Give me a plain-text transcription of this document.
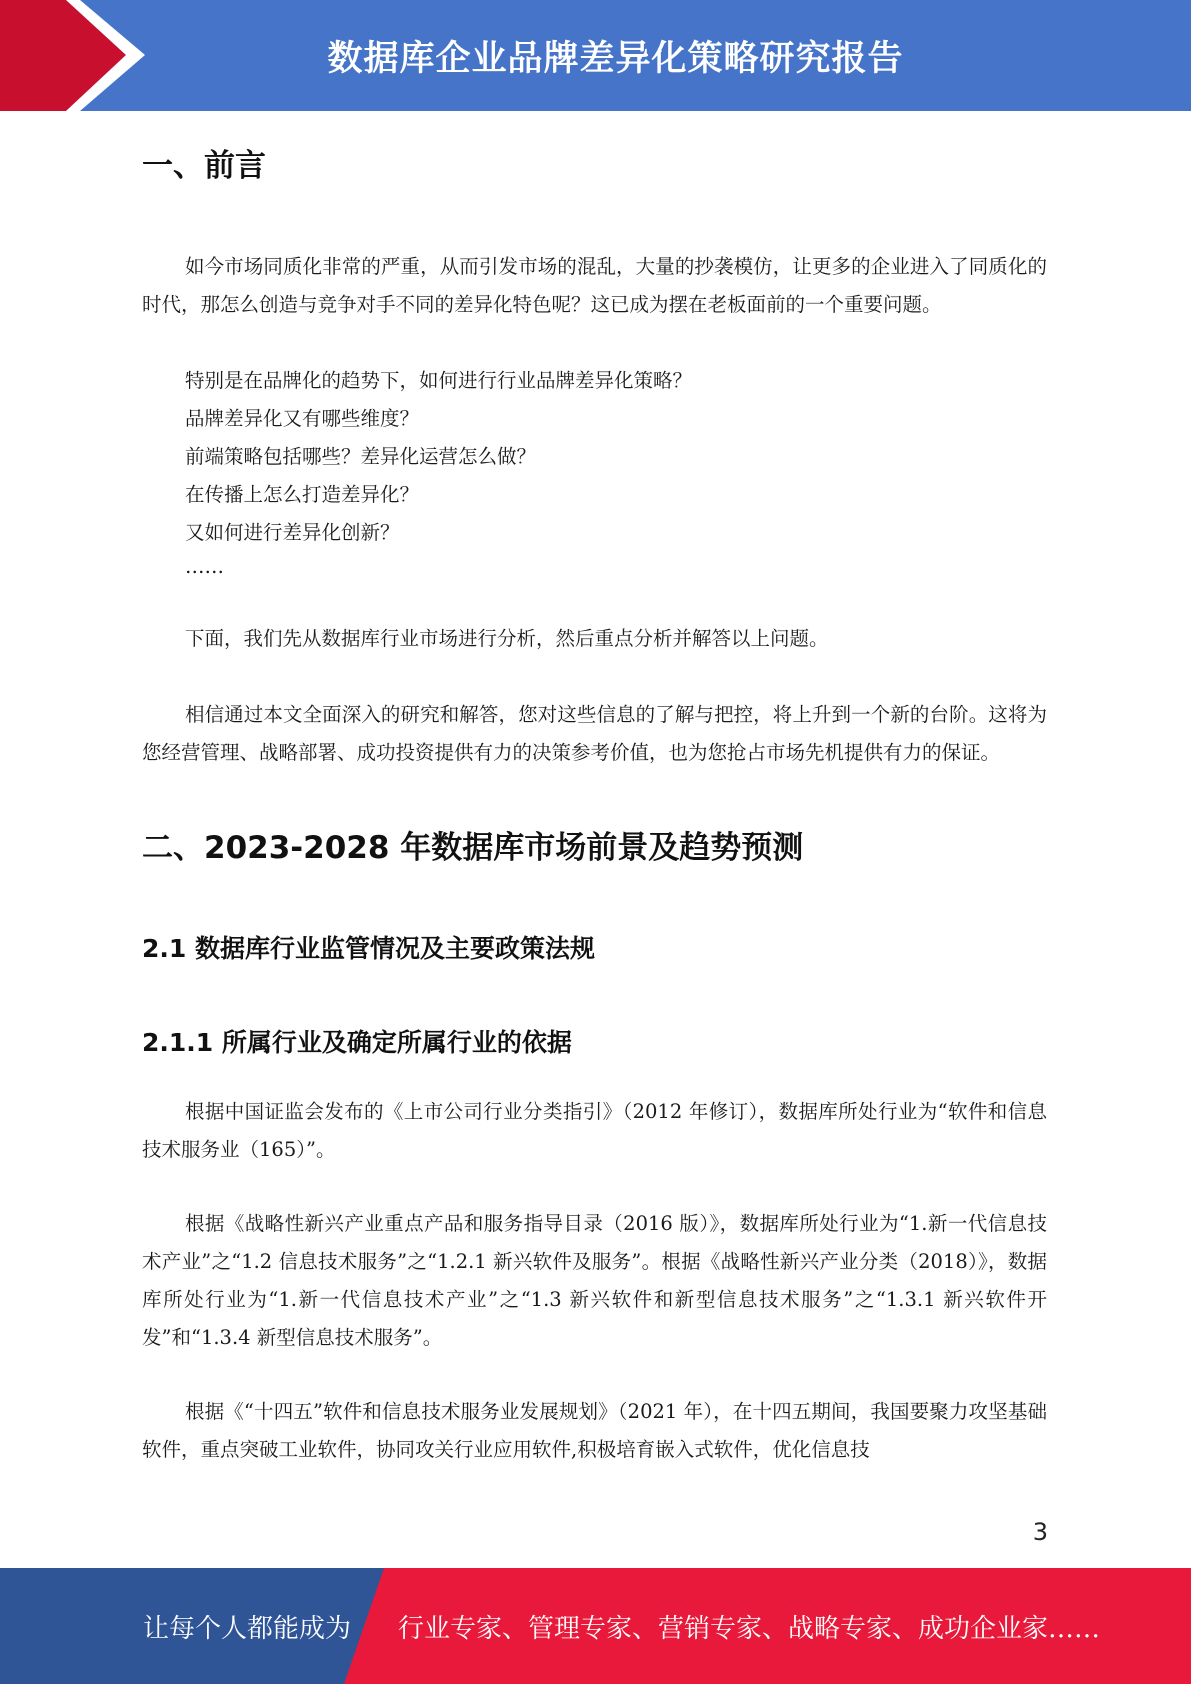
数据库企业品牌差异化策略研究报告
一、前言

如今市场同质化非常的严重，从而引发市场的混乱，大量的抄袭模仿，让更多的企业进入了同质化的时代，那怎么创造与竞争对手不同的差异化特色呢？这已成为摆在老板面前的一个重要问题。

特别是在品牌化的趋势下，如何进行行业品牌差异化策略？
品牌差异化又有哪些维度？
前端策略包括哪些？差异化运营怎么做？
在传播上怎么打造差异化？
又如何进行差异化创新？
……

下面，我们先从数据库行业市场进行分析，然后重点分析并解答以上问题。

相信通过本文全面深入的研究和解答，您对这些信息的了解与把控，将上升到一个新的台阶。这将为您经营管理、战略部署、成功投资提供有力的决策参考价值，也为您抢占市场先机提供有力的保证。

二、2023-2028 年数据库市场前景及趋势预测
2.1 数据库行业监管情况及主要政策法规
2.1.1 所属行业及确定所属行业的依据

根据中国证监会发布的《上市公司行业分类指引》（2012 年修订），数据库所处行业为“软件和信息技术服务业（165）”。

根据《战略性新兴产业重点产品和服务指导目录（2016 版）》，数据库所处行业为“1.新一代信息技术产业”之“1.2 信息技术服务”之“1.2.1 新兴软件及服务”。根据《战略性新兴产业分类（2018）》，数据库所处行业为“1.新一代信息技术产业”之“1.3 新兴软件和新型信息技术服务”之“1.3.1 新兴软件开发”和“1.3.4 新型信息技术服务”。

根据《“十四五”软件和信息技术服务业发展规划》（2021 年），在十四五期间，我国要聚力攻坚基础软件，重点突破工业软件，协同攻关行业应用软件,积极培育嵌入式软件，优化信息技

3
让每个人都能成为 行业专家、管理专家、营销专家、战略专家、成功企业家……
